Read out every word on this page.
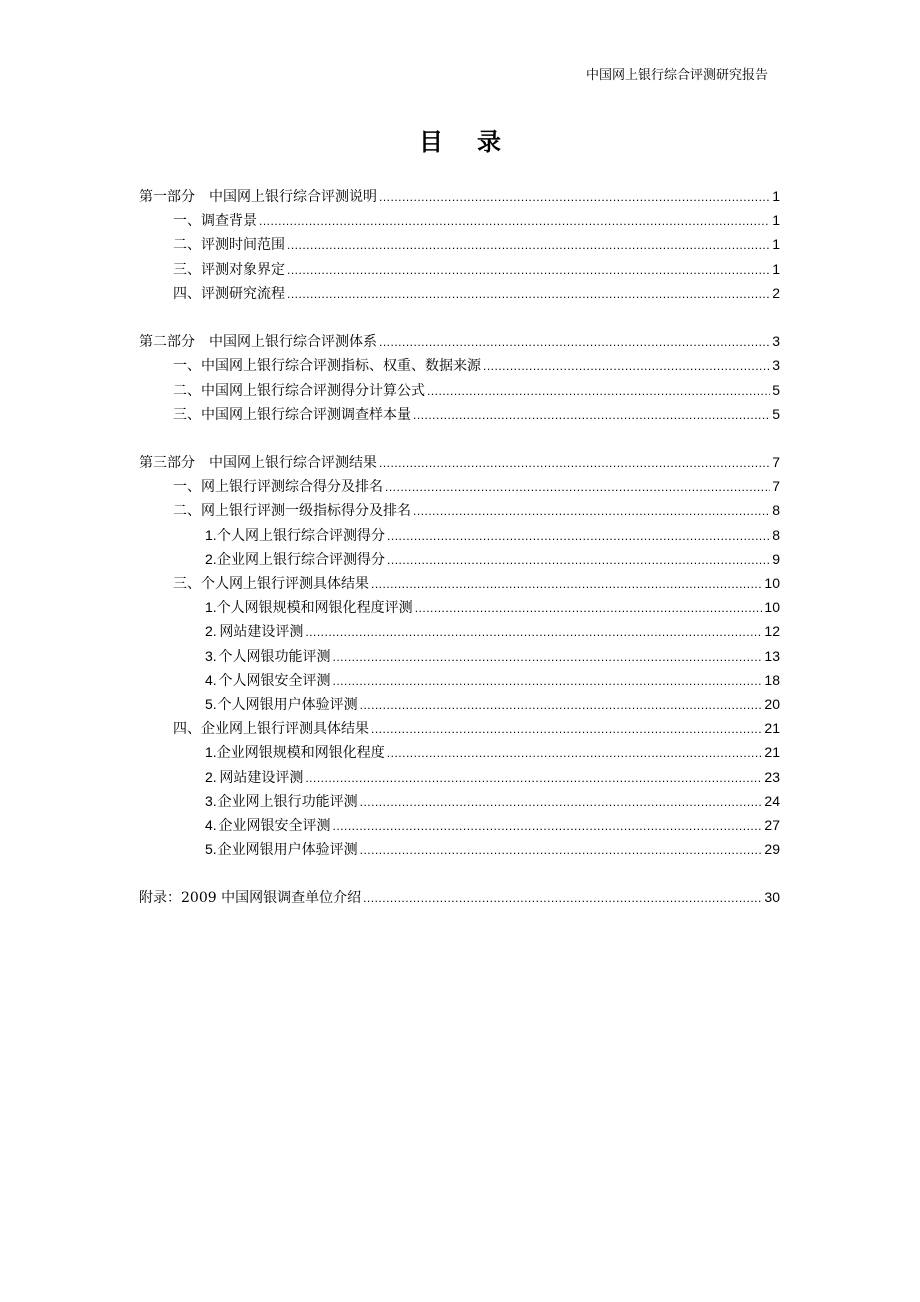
中国网上银行综合评测研究报告
目 录
第一部分　中国网上银行综合评测说明 .....	1
一、调查背景 .....	1
二、评测时间范围 .....	1
三、评测对象界定 .....	1
四、评测研究流程 .....	2
第二部分　中国网上银行综合评测体系 .....	3
一、中国网上银行综合评测指标、权重、数据来源 .....	3
二、中国网上银行综合评测得分计算公式 .....	5
三、中国网上银行综合评测调查样本量 .....	5
第三部分　中国网上银行综合评测结果 .....	7
一、网上银行评测综合得分及排名 .....	7
二、网上银行评测一级指标得分及排名 .....	8
1. 个人网上银行综合评测得分 .....	8
2. 企业网上银行综合评测得分 .....	9
三、个人网上银行评测具体结果 .....	10
1. 个人网银规模和网银化程度评测 .....	10
2. 网站建设评测 .....	12
3. 个人网银功能评测 .....	13
4. 个人网银安全评测 .....	18
5. 个人网银用户体验评测 .....	20
四、企业网上银行评测具体结果 .....	21
1. 企业网银规模和网银化程度 .....	21
2. 网站建设评测 .....	23
3. 企业网上银行功能评测 .....	24
4. 企业网银安全评测 .....	27
5. 企业网银用户体验评测 .....	29
附录：2009 中国网银调查单位介绍 .....	30
